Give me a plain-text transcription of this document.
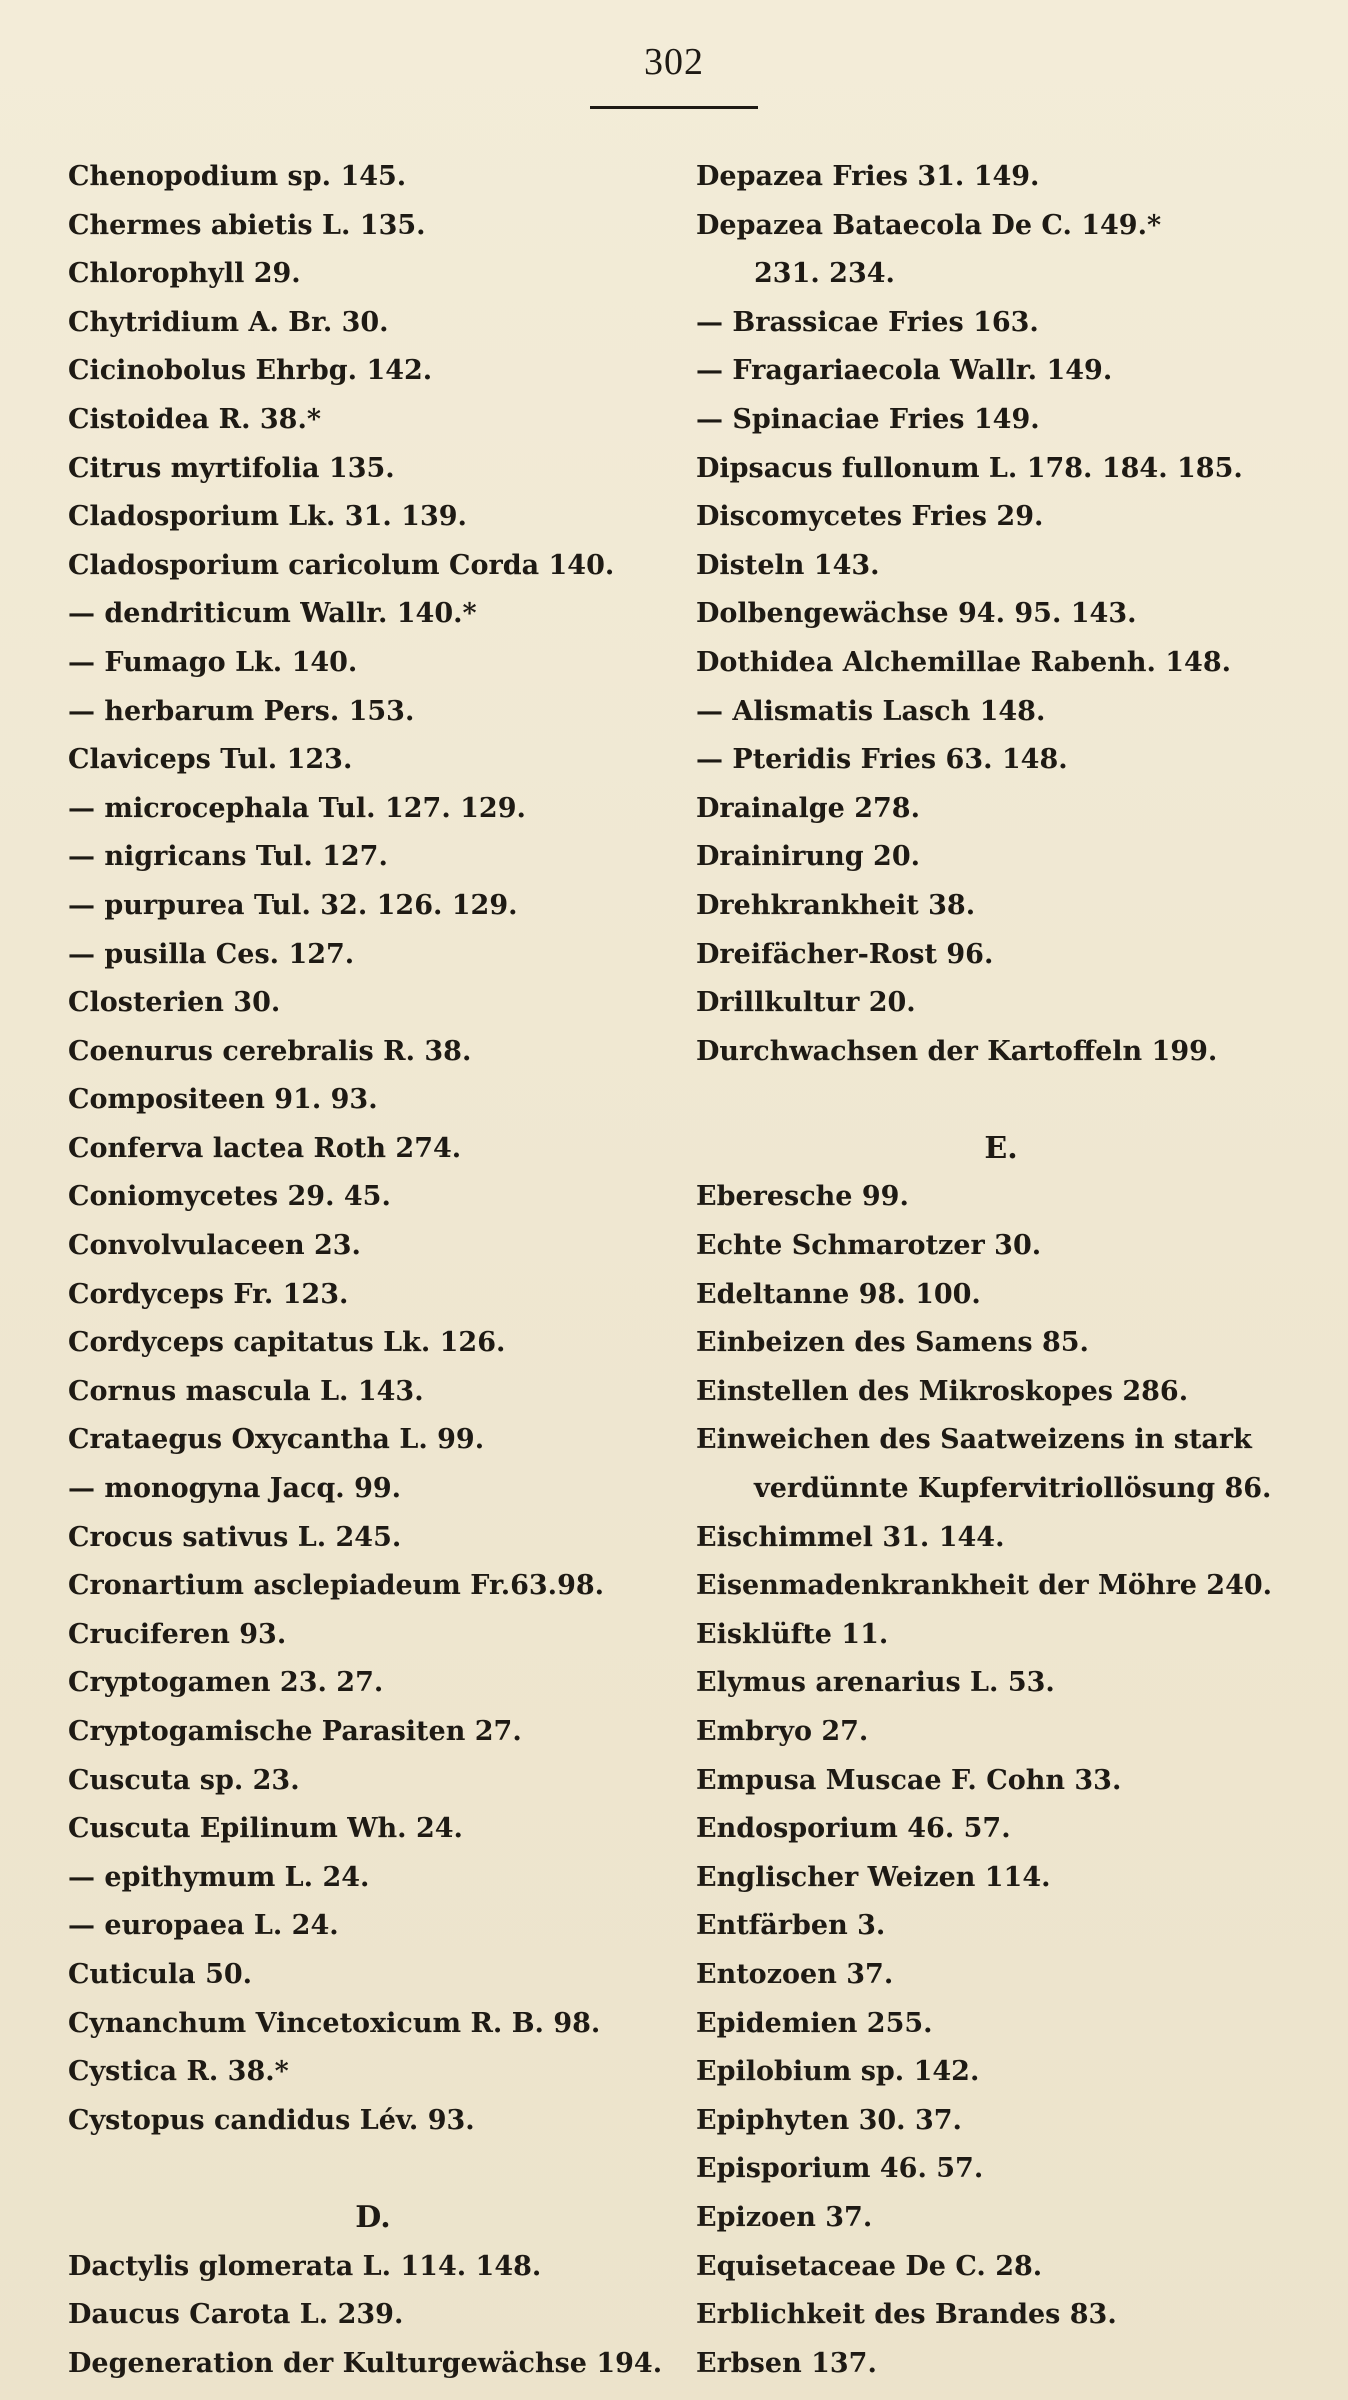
302
Chenopodium sp. 145.
Chermes abietis L. 135.
Chlorophyll 29.
Chytridium A. Br. 30.
Cicinobolus Ehrbg. 142.
Cistoidea R. 38.*
Citrus myrtifolia 135.
Cladosporium Lk. 31. 139.
Cladosporium caricolum Corda 140.
— dendriticum Wallr. 140.*
— Fumago Lk. 140.
— herbarum Pers. 153.
Claviceps Tul. 123.
— microcephala Tul. 127. 129.
— nigricans Tul. 127.
— purpurea Tul. 32. 126. 129.
— pusilla Ces. 127.
Closterien 30.
Coenurus cerebralis R. 38.
Compositeen 91. 93.
Conferva lactea Roth 274.
Coniomycetes 29. 45.
Convolvulaceen 23.
Cordyceps Fr. 123.
Cordyceps capitatus Lk. 126.
Cornus mascula L. 143.
Crataegus Oxycantha L. 99.
— monogyna Jacq. 99.
Crocus sativus L. 245.
Cronartium asclepiadeum Fr.63.98.
Cruciferen 93.
Cryptogamen 23. 27.
Cryptogamische Parasiten 27.
Cuscuta sp. 23.
Cuscuta Epilinum Wh. 24.
— epithymum L. 24.
— europaea L. 24.
Cuticula 50.
Cynanchum Vincetoxicum R. B. 98.
Cystica R. 38.*
Cystopus candidus Lév. 93.
D.
Dactylis glomerata L. 114. 148.
Daucus Carota L. 239.
Degeneration der Kulturgewächse 194.
Depazea Fries 31. 149.
Depazea Bataecola De C. 149.*
231. 234.
— Brassicae Fries 163.
— Fragariaecola Wallr. 149.
— Spinaciae Fries 149.
Dipsacus fullonum L. 178. 184. 185.
Discomycetes Fries 29.
Disteln 143.
Dolbengewächse 94. 95. 143.
Dothidea Alchemillae Rabenh. 148.
— Alismatis Lasch 148.
— Pteridis Fries 63. 148.
Drainalge 278.
Drainirung 20.
Drehkrankheit 38.
Dreifächer-Rost 96.
Drillkultur 20.
Durchwachsen der Kartoffeln 199.
E.
Eberesche 99.
Echte Schmarotzer 30.
Edeltanne 98. 100.
Einbeizen des Samens 85.
Einstellen des Mikroskopes 286.
Einweichen des Saatweizens in stark
verdünnte Kupfervitriollösung 86.
Eischimmel 31. 144.
Eisenmadenkrankheit der Möhre 240.
Eisklüfte 11.
Elymus arenarius L. 53.
Embryo 27.
Empusa Muscae F. Cohn 33.
Endosporium 46. 57.
Englischer Weizen 114.
Entfärben 3.
Entozoen 37.
Epidemien 255.
Epilobium sp. 142.
Epiphyten 30. 37.
Episporium 46. 57.
Epizoen 37.
Equisetaceae De C. 28.
Erblichkeit des Brandes 83.
Erbsen 137.
